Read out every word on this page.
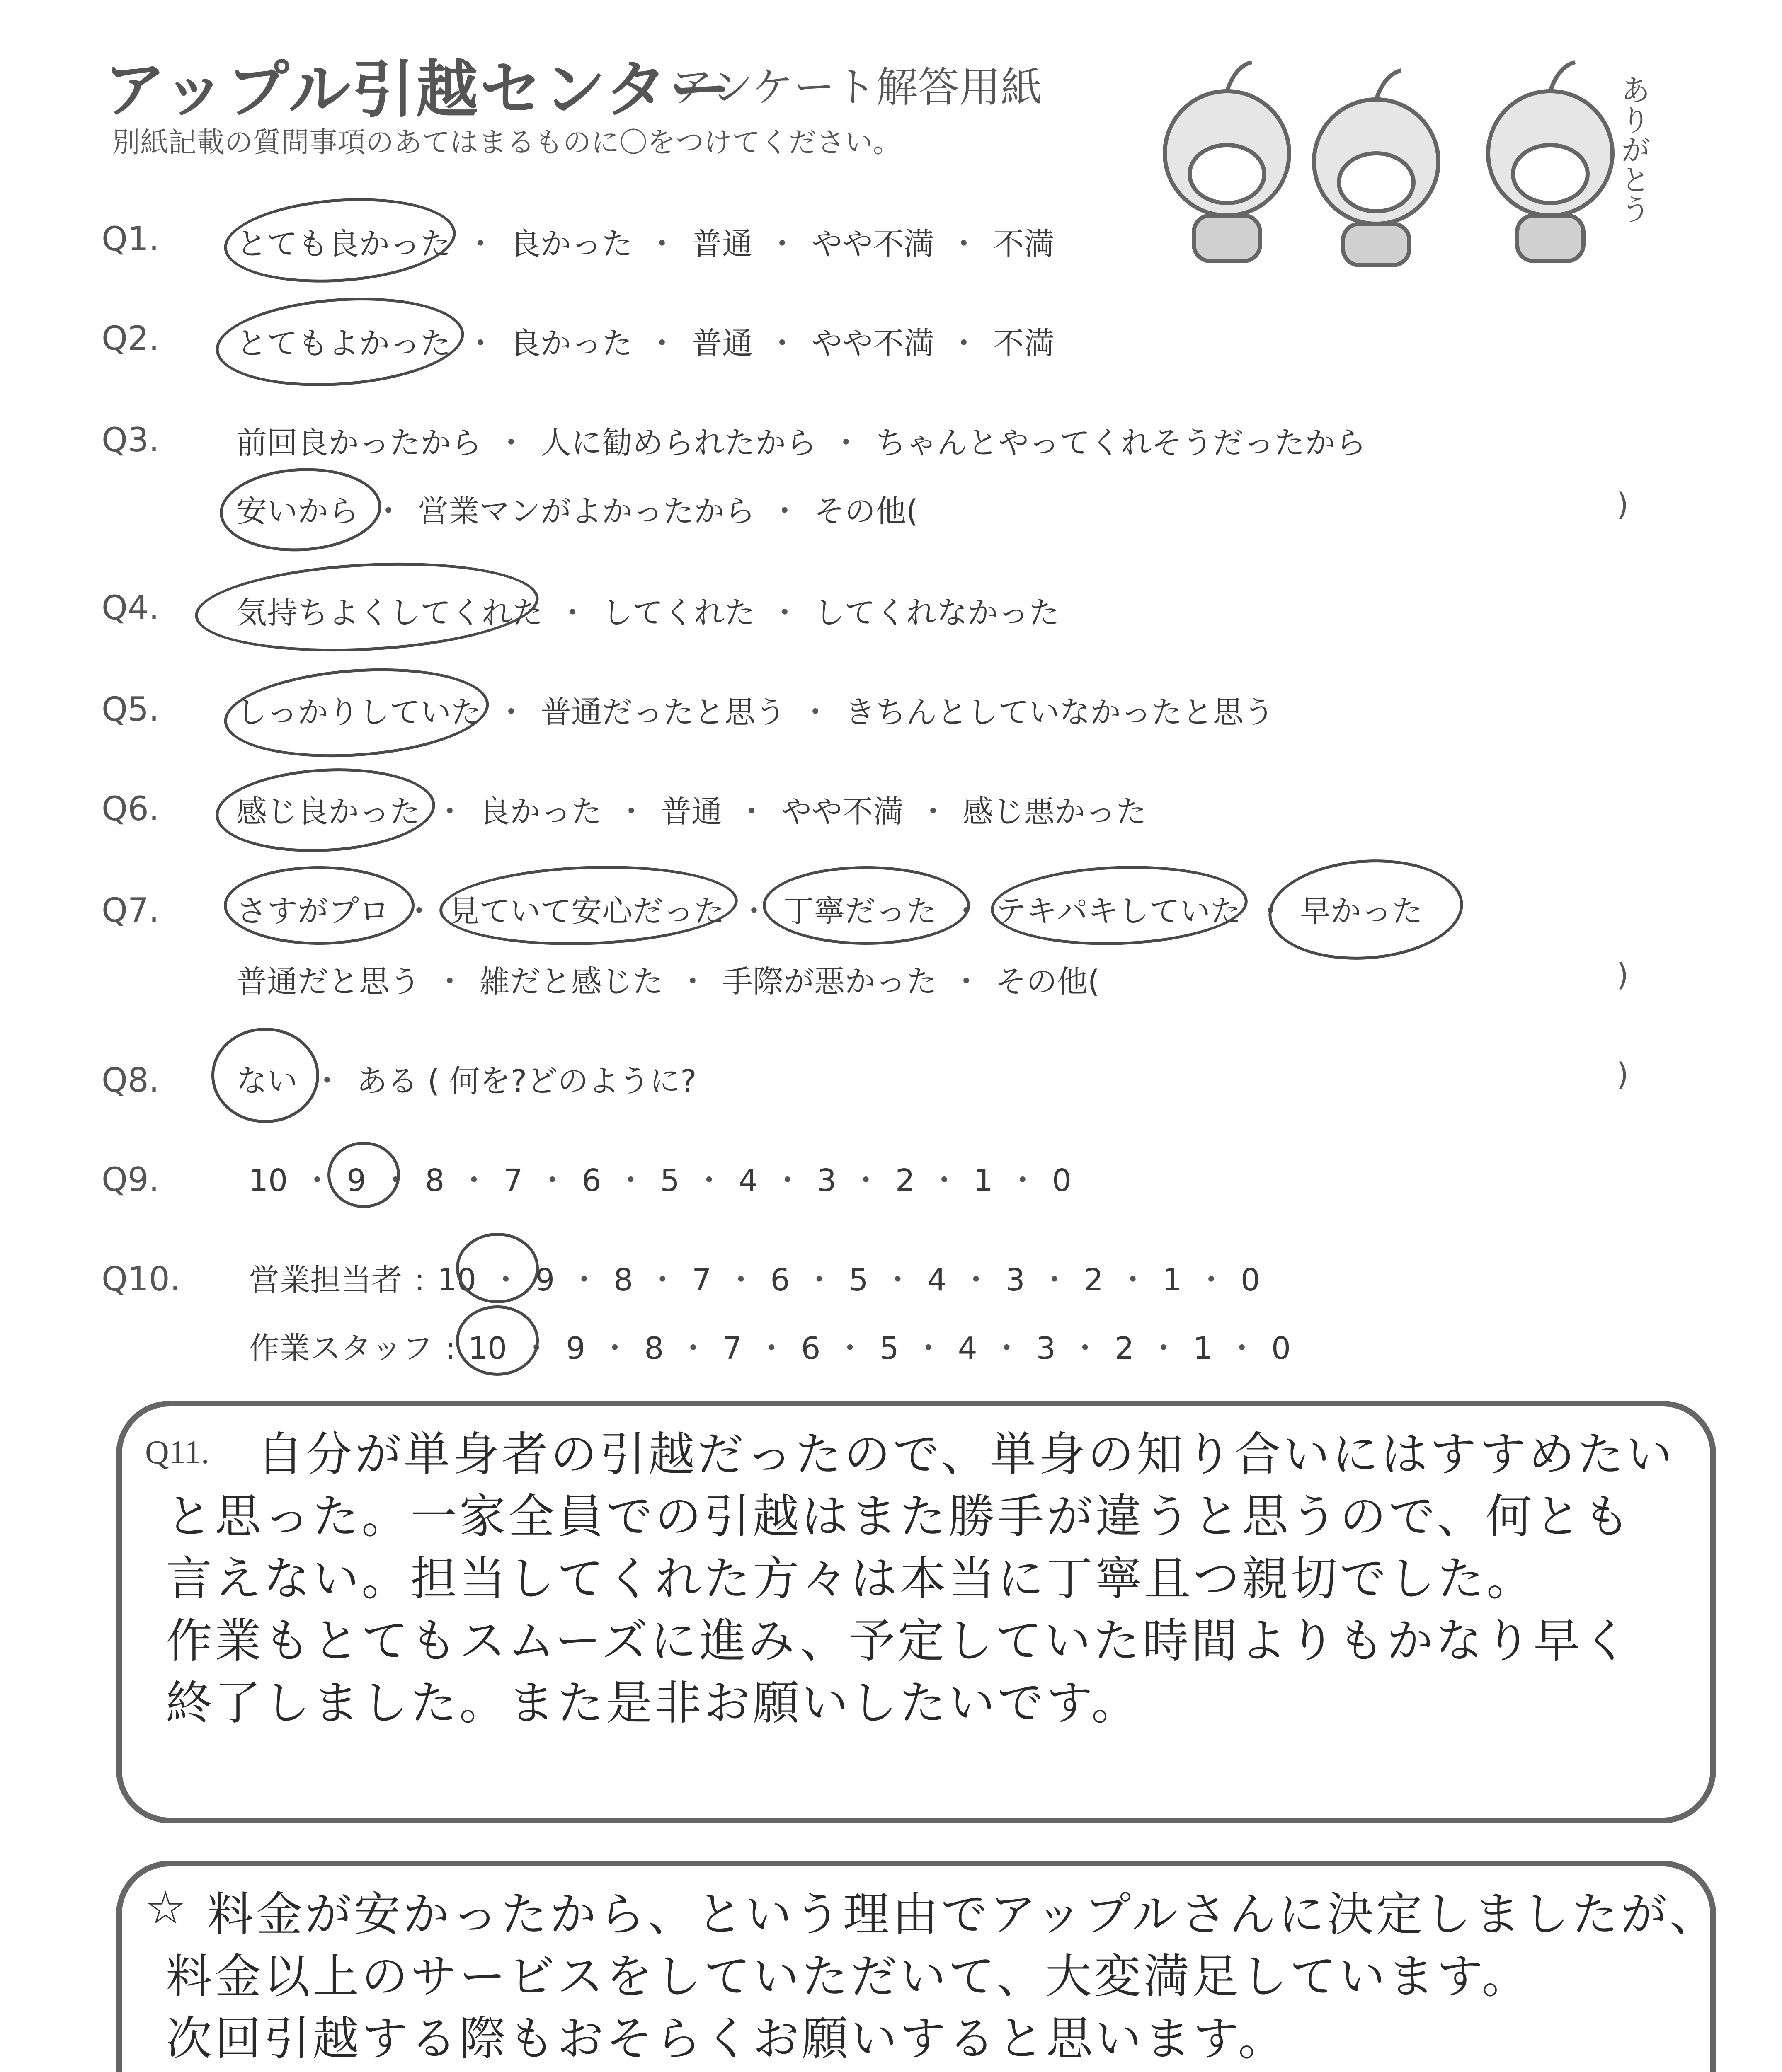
アップル引越センター
アンケート解答用紙
別紙記載の質問事項のあてはまるものに〇をつけてください。	ありがとう
Q1.	とても良かった ・ 良かった ・ 普通 ・ やや不満 ・ 不満
Q2.	とてもよかった ・ 良かった ・ 普通 ・ やや不満 ・ 不満
Q3.	前回良かったから ・ 人に勧められたから ・ ちゃんとやってくれそうだったから
安いから ・ 営業マンがよかったから ・ その他(	)
Q4.	気持ちよくしてくれた ・ してくれた ・ してくれなかった
Q5.	しっかりしていた ・ 普通だったと思う ・ きちんとしていなかったと思う
Q6.	感じ良かった ・ 良かった ・ 普通 ・ やや不満 ・ 感じ悪かった
Q7.	さすがプロ ・ 見ていて安心だった ・ 丁寧だった ・ テキパキしていた ・ 早かった
普通だと思う ・ 雑だと感じた ・ 手際が悪かった ・ その他(	)
Q8.	ない ・ ある ( 何を?どのように?	)
Q9.	10 ・ 9 ・ 8 ・ 7 ・ 6 ・ 5 ・ 4 ・ 3 ・ 2 ・ 1 ・ 0
Q10. 営業担当者 : 10 ・ 9 ・ 8 ・ 7 ・ 6 ・ 5 ・ 4 ・ 3 ・ 2 ・ 1 ・ 0
作業スタッフ : 10 ・ 9 ・ 8 ・ 7 ・ 6 ・ 5 ・ 4 ・ 3 ・ 2 ・ 1 ・ 0
Q11. 自分が単身者の引越だったので、単身の知り合いにはすすめたい
と思った。一家全員での引越はまた勝手が違うと思うので、何とも
言えない。担当してくれた方々は本当に丁寧且つ親切でした。
作業もとてもスムーズに進み、予定していた時間よりもかなり早く
終了しました。また是非お願いしたいです。
☆ 料金が安かったから、という理由でアップルさんに決定しましたが、
料金以上のサービスをしていただいて、大変満足しています。
次回引越する際もおそらくお願いすると思います。
